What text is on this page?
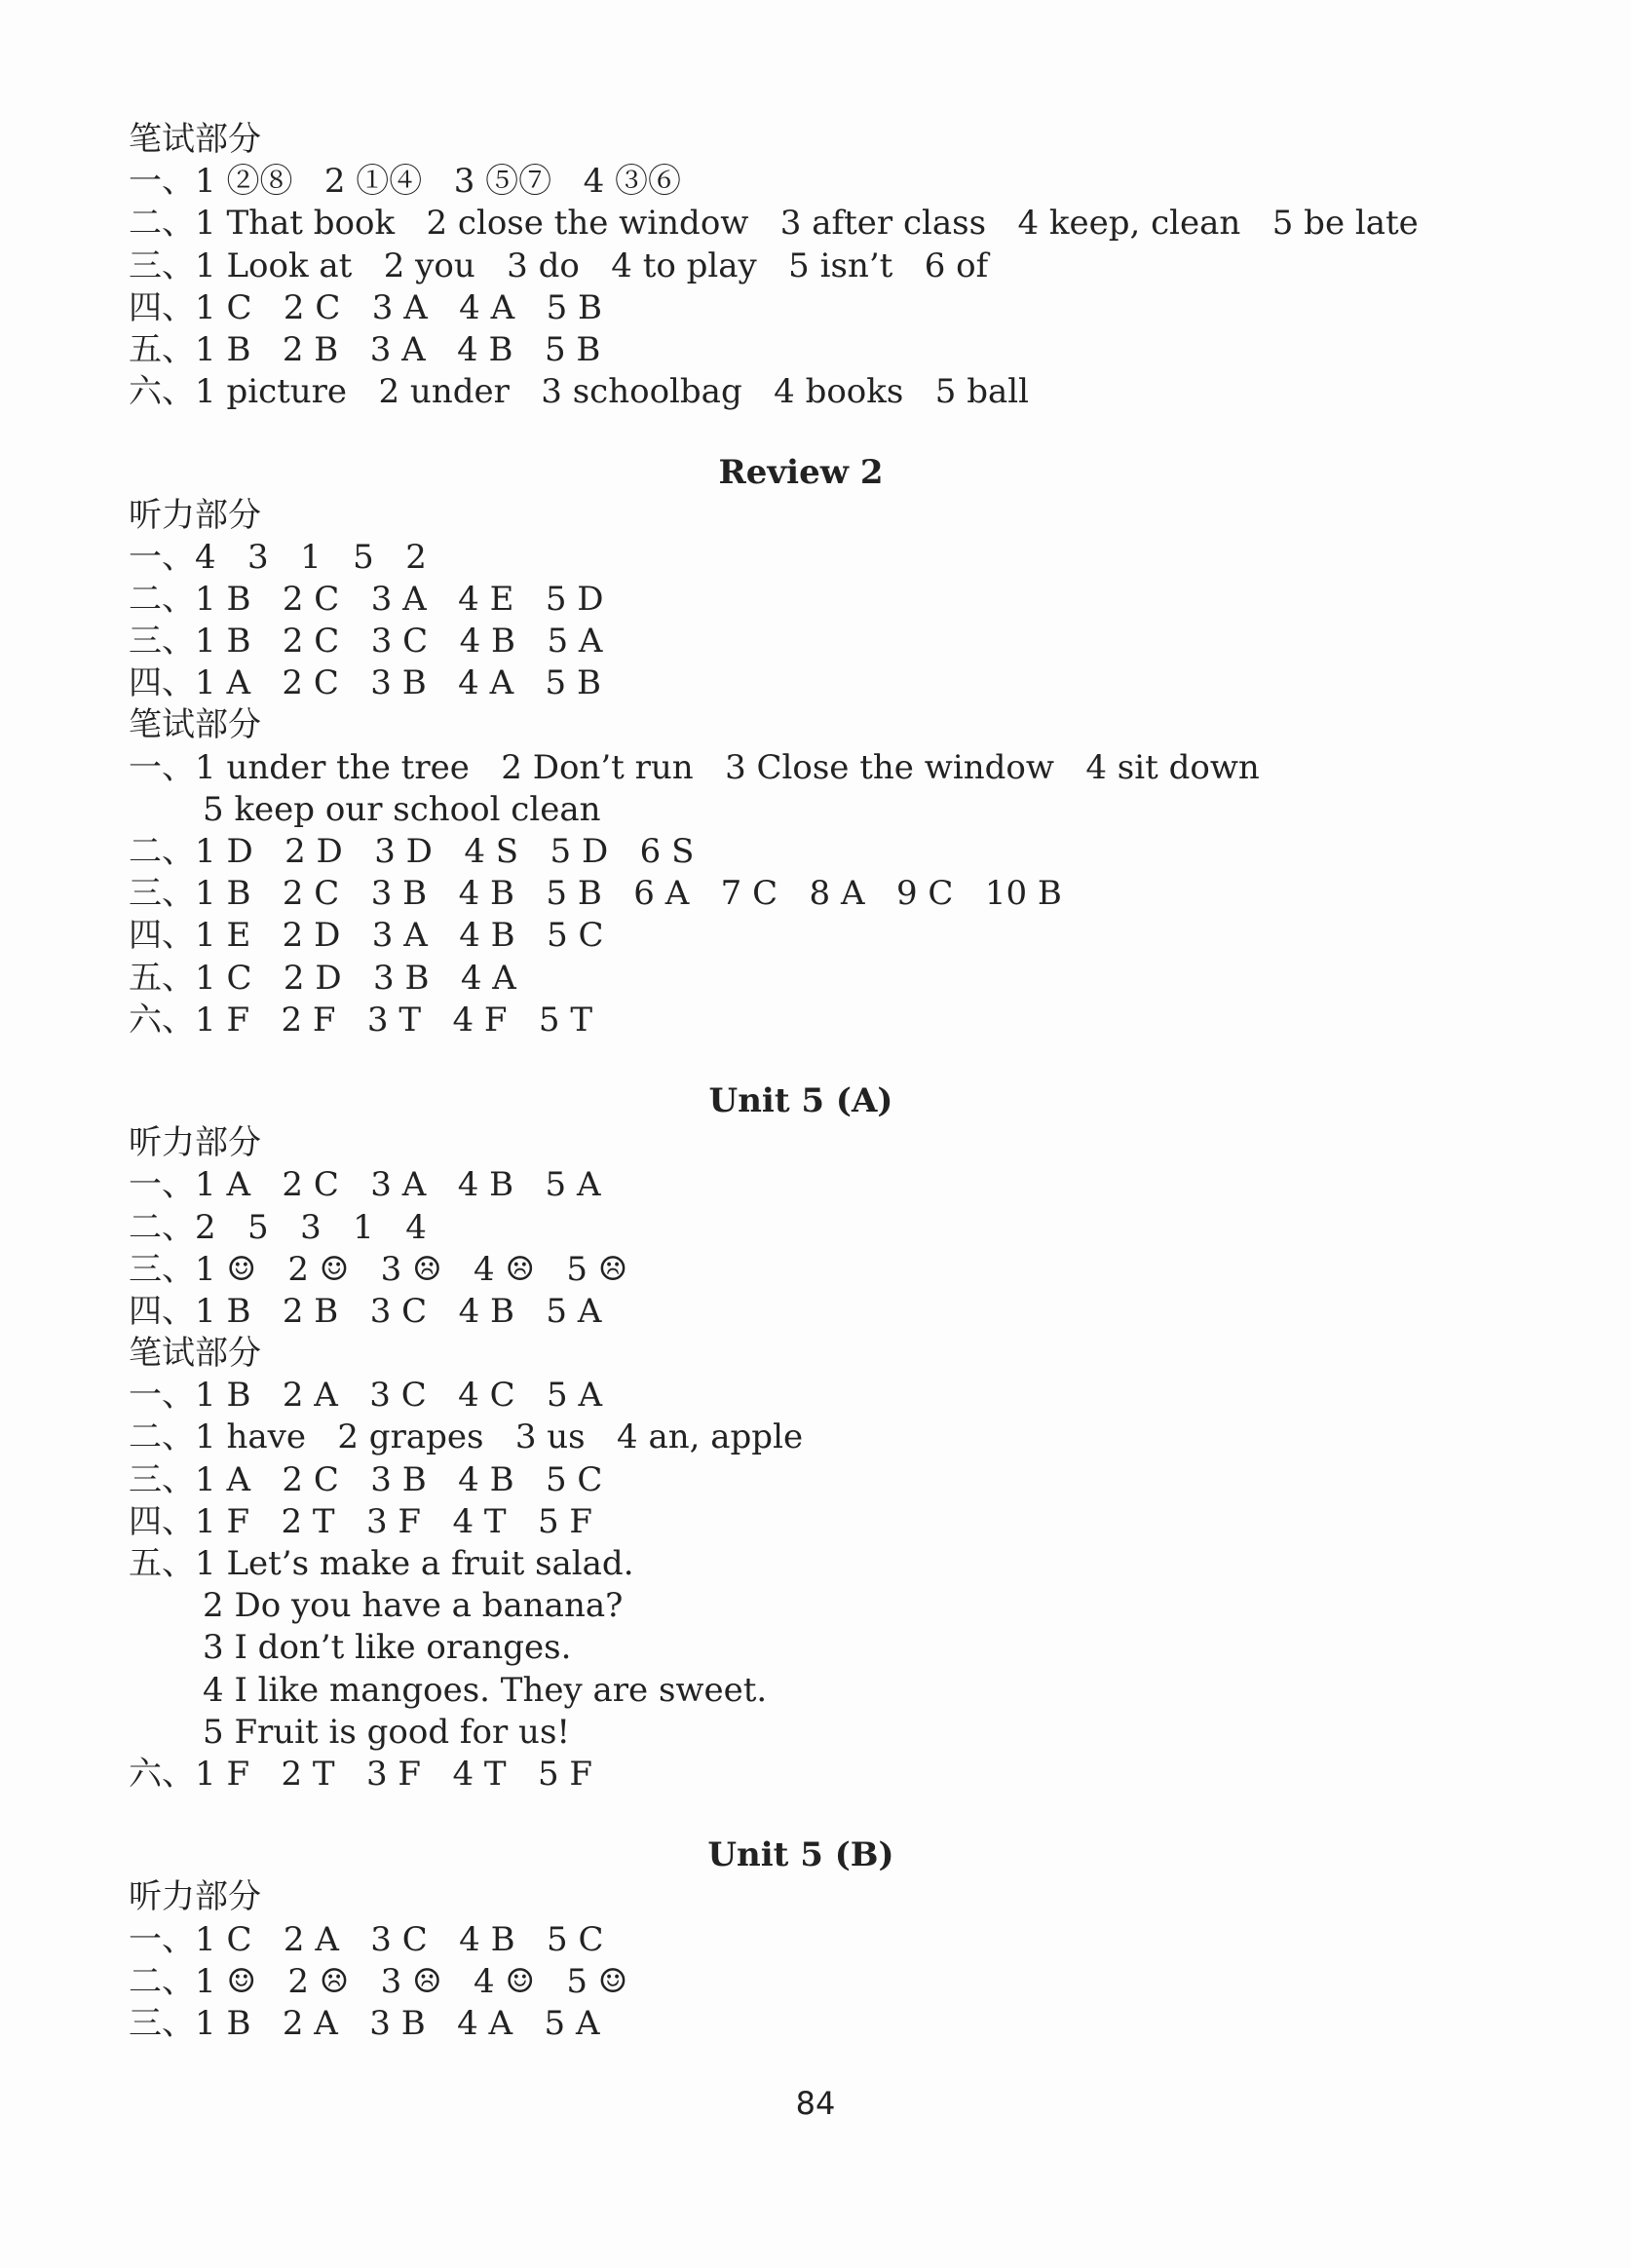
笔试部分
一、1 ②⑧   2 ①④   3 ⑤⑦   4 ③⑥
二、1 That book   2 close the window   3 after class   4 keep, clean   5 be late
三、1 Look at   2 you   3 do   4 to play   5 isn’t   6 of
四、1 C   2 C   3 A   4 A   5 B
五、1 B   2 B   3 A   4 B   5 B
六、1 picture   2 under   3 schoolbag   4 books   5 ball
Review 2
听力部分
一、4   3   1   5   2
二、1 B   2 C   3 A   4 E   5 D
三、1 B   2 C   3 C   4 B   5 A
四、1 A   2 C   3 B   4 A   5 B
笔试部分
一、1 under the tree   2 Don’t run   3 Close the window   4 sit down
5 keep our school clean
二、1 D   2 D   3 D   4 S   5 D   6 S
三、1 B   2 C   3 B   4 B   5 B   6 A   7 C   8 A   9 C   10 B
四、1 E   2 D   3 A   4 B   5 C
五、1 C   2 D   3 B   4 A
六、1 F   2 F   3 T   4 F   5 T
Unit 5 (A)
听力部分
一、1 A   2 C   3 A   4 B   5 A
二、2   5   3   1   4
三、1 ☺   2 ☺   3 ☹   4 ☹   5 ☹
四、1 B   2 B   3 C   4 B   5 A
笔试部分
一、1 B   2 A   3 C   4 C   5 A
二、1 have   2 grapes   3 us   4 an, apple
三、1 A   2 C   3 B   4 B   5 C
四、1 F   2 T   3 F   4 T   5 F
五、1 Let’s make a fruit salad.
2 Do you have a banana?
3 I don’t like oranges.
4 I like mangoes. They are sweet.
5 Fruit is good for us!
六、1 F   2 T   3 F   4 T   5 F
Unit 5 (B)
听力部分
一、1 C   2 A   3 C   4 B   5 C
二、1 ☺   2 ☹   3 ☹   4 ☺   5 ☺
三、1 B   2 A   3 B   4 A   5 A
84
